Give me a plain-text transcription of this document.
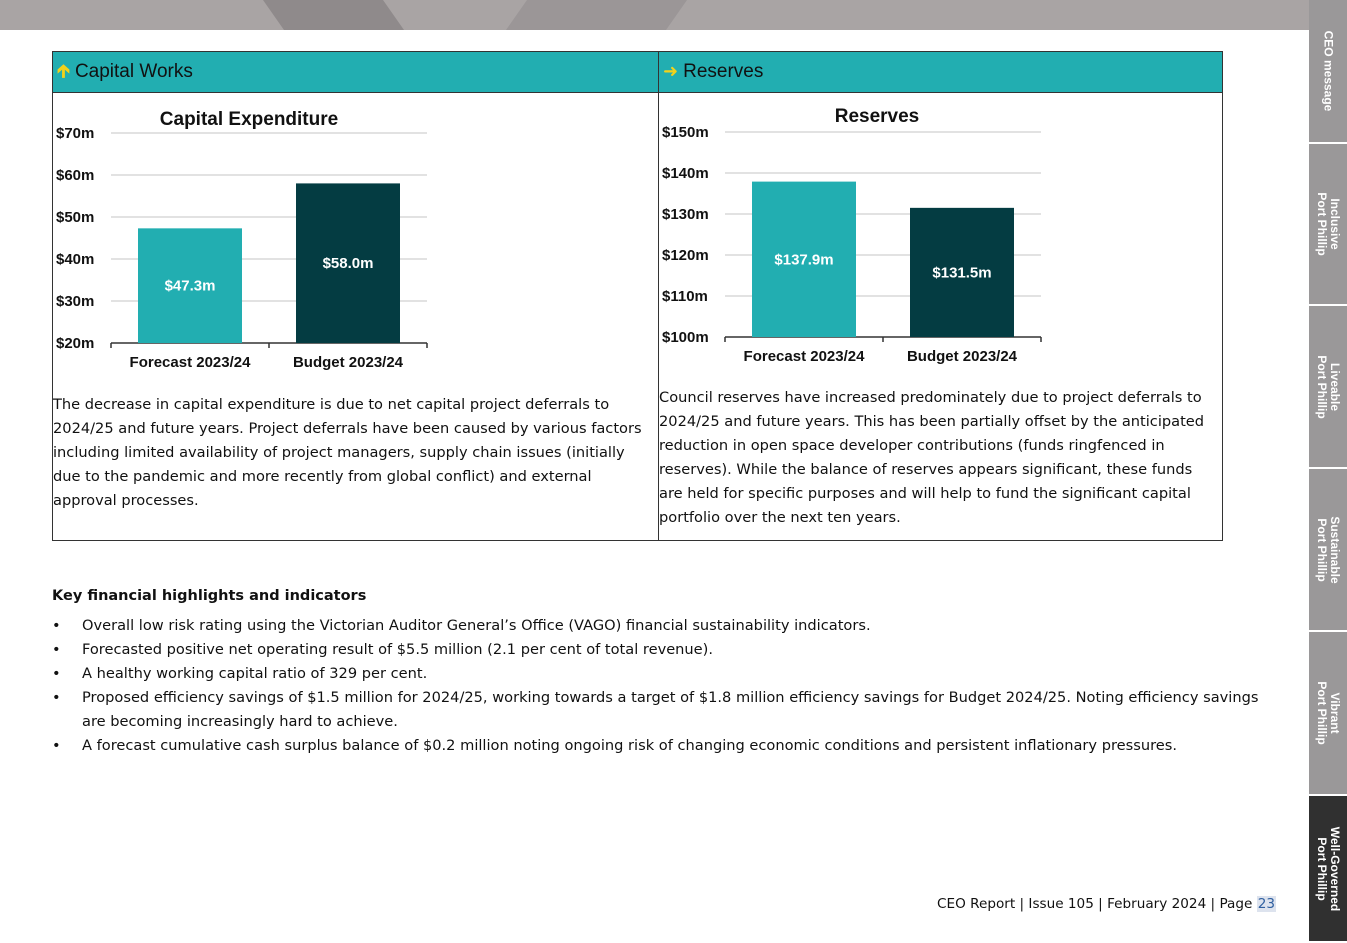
CEO message
Inclusive
Port Phillip
Liveable
Port Phillip
Sustainable
Port Phillip
Vibrant
Port Phillip
Well-Governed
Port Phillip
🡱 Capital Works
Capital Expenditure
$20m
$30m
$40m
$50m
$60m
$70m
$47.3m
Forecast 2023/24
$58.0m
Budget 2023/24
The decrease in capital expenditure is due to net capital project deferrals to 2024/25 and future years. Project deferrals have been caused by various factors including limited availability of project managers, supply chain issues (initially due to the pandemic and more recently from global conflict) and external approval processes.
➜ Reserves
Reserves
$100m
$110m
$120m
$130m
$140m
$150m
$137.9m
Forecast 2023/24
$131.5m
Budget 2023/24
Council reserves have increased predominately due to project deferrals to 2024/25 and future years. This has been partially offset by the anticipated reduction in open space developer contributions (funds ringfenced in reserves). While the balance of reserves appears significant, these funds are held for specific purposes and will help to fund the significant capital portfolio over the next ten years.
Key financial highlights and indicators
• Overall low risk rating using the Victorian Auditor General’s Office (VAGO) financial sustainability indicators.
• Forecasted positive net operating result of $5.5 million (2.1 per cent of total revenue).
• A healthy working capital ratio of 329 per cent.
• Proposed efficiency savings of $1.5 million for 2024/25, working towards a target of $1.8 million efficiency savings for Budget 2024/25. Noting efficiency savings are becoming increasingly hard to achieve.
• A forecast cumulative cash surplus balance of $0.2 million noting ongoing risk of changing economic conditions and persistent inflationary pressures.
CEO Report | Issue 105 | February 2024 | Page 23
